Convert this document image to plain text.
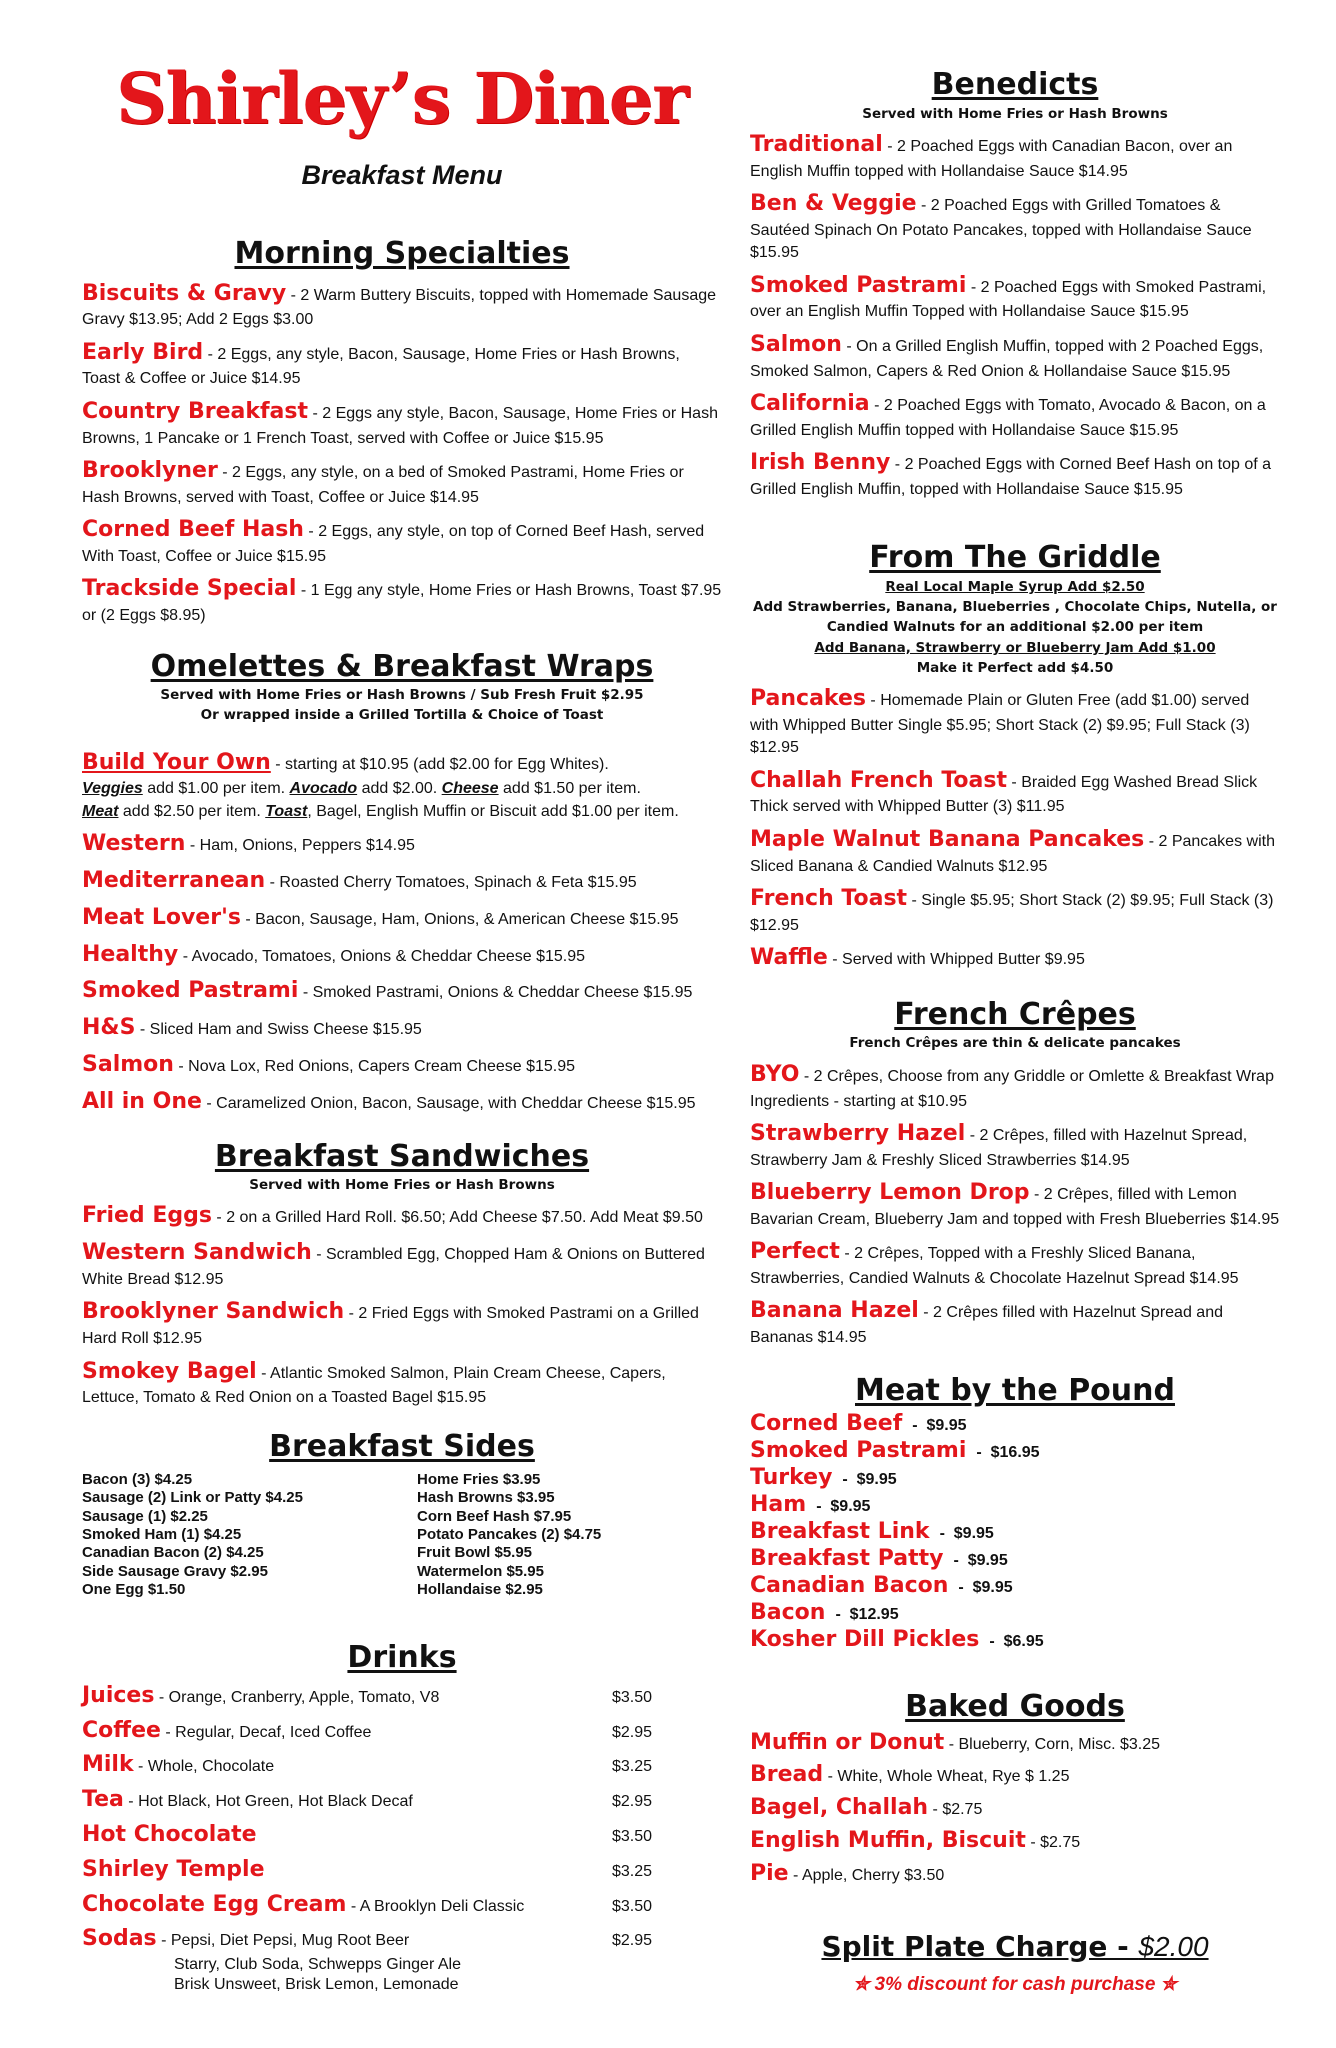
Shirley’s Diner
Breakfast Menu
Morning Specialties
Biscuits & Gravy - 2 Warm Buttery Biscuits, topped with Homemade Sausage Gravy $13.95; Add 2 Eggs $3.00
Early Bird - 2 Eggs, any style, Bacon, Sausage, Home Fries or Hash Browns, Toast & Coffee or Juice $14.95
Country Breakfast - 2 Eggs any style, Bacon, Sausage, Home Fries or Hash Browns, 1 Pancake or 1 French Toast, served with Coffee or Juice $15.95
Brooklyner - 2 Eggs, any style, on a bed of Smoked Pastrami, Home Fries or Hash Browns, served with Toast, Coffee or Juice $14.95
Corned Beef Hash - 2 Eggs, any style, on top of Corned Beef Hash, served With Toast, Coffee or Juice $15.95
Trackside Special - 1 Egg any style, Home Fries or Hash Browns, Toast $7.95 or (2 Eggs $8.95)
Omelettes & Breakfast Wraps
Served with Home Fries or Hash Browns / Sub Fresh Fruit $2.95
Or wrapped inside a Grilled Tortilla & Choice of Toast
Build Your Own - starting at $10.95 (add $2.00 for Egg Whites).
Veggies add $1.00 per item. Avocado add $2.00. Cheese add $1.50 per item.
Meat add $2.50 per item. Toast, Bagel, English Muffin or Biscuit add $1.00 per item.
Western - Ham, Onions, Peppers $14.95
Mediterranean - Roasted Cherry Tomatoes, Spinach & Feta $15.95
Meat Lover's - Bacon, Sausage, Ham, Onions, & American Cheese $15.95
Healthy - Avocado, Tomatoes, Onions & Cheddar Cheese $15.95
Smoked Pastrami - Smoked Pastrami, Onions & Cheddar Cheese $15.95
H&S - Sliced Ham and Swiss Cheese $15.95
Salmon - Nova Lox, Red Onions, Capers Cream Cheese $15.95
All in One - Caramelized Onion, Bacon, Sausage, with Cheddar Cheese $15.95
Breakfast Sandwiches
Served with Home Fries or Hash Browns
Fried Eggs - 2 on a Grilled Hard Roll. $6.50; Add Cheese $7.50. Add Meat $9.50
Western Sandwich - Scrambled Egg, Chopped Ham & Onions on Buttered White Bread $12.95
Brooklyner Sandwich - 2 Fried Eggs with Smoked Pastrami on a Grilled Hard Roll $12.95
Smokey Bagel - Atlantic Smoked Salmon, Plain Cream Cheese, Capers, Lettuce, Tomato & Red Onion on a Toasted Bagel $15.95
Breakfast Sides
Bacon (3) $4.25
Sausage (2) Link or Patty $4.25
Sausage (1) $2.25
Smoked Ham (1) $4.25
Canadian Bacon (2) $4.25
Side Sausage Gravy $2.95
One Egg $1.50
Home Fries $3.95
Hash Browns $3.95
Corn Beef Hash $7.95
Potato Pancakes (2) $4.75
Fruit Bowl $5.95
Watermelon $5.95
Hollandaise $2.95
Drinks
Juices - Orange, Cranberry, Apple, Tomato, V8	$3.50
Coffee - Regular, Decaf, Iced Coffee	$2.95
Milk - Whole, Chocolate	$3.25
Tea - Hot Black, Hot Green, Hot Black Decaf	$2.95
Hot Chocolate	$3.50
Shirley Temple	$3.25
Chocolate Egg Cream - A Brooklyn Deli Classic	$3.50
Sodas - Pepsi, Diet Pepsi, Mug Root Beer	$2.95
Starry, Club Soda, Schwepps Ginger Ale
Brisk Unsweet, Brisk Lemon, Lemonade
Benedicts
Served with Home Fries or Hash Browns
Traditional - 2 Poached Eggs with Canadian Bacon, over an English Muffin topped with Hollandaise Sauce $14.95
Ben & Veggie - 2 Poached Eggs with Grilled Tomatoes & Sautéed Spinach On Potato Pancakes, topped with Hollandaise Sauce $15.95
Smoked Pastrami - 2 Poached Eggs with Smoked Pastrami, over an English Muffin Topped with Hollandaise Sauce $15.95
Salmon - On a Grilled English Muffin, topped with 2 Poached Eggs, Smoked Salmon, Capers & Red Onion & Hollandaise Sauce $15.95
California - 2 Poached Eggs with Tomato, Avocado & Bacon, on a Grilled English Muffin topped with Hollandaise Sauce $15.95
Irish Benny - 2 Poached Eggs with Corned Beef Hash on top of a Grilled English Muffin, topped with Hollandaise Sauce $15.95
From The Griddle
Real Local Maple Syrup Add $2.50
Add Strawberries, Banana, Blueberries , Chocolate Chips, Nutella, or Candied Walnuts for an additional $2.00 per item
Add Banana, Strawberry or Blueberry Jam Add $1.00
Make it Perfect add $4.50
Pancakes - Homemade Plain or Gluten Free (add $1.00) served with Whipped Butter Single $5.95; Short Stack (2) $9.95; Full Stack (3) $12.95
Challah French Toast - Braided Egg Washed Bread Slick Thick served with Whipped Butter (3) $11.95
Maple Walnut Banana Pancakes - 2 Pancakes with Sliced Banana & Candied Walnuts $12.95
French Toast - Single $5.95; Short Stack (2) $9.95; Full Stack (3) $12.95
Waffle - Served with Whipped Butter $9.95
French Crêpes
French Crêpes are thin & delicate pancakes
BYO - 2 Crêpes, Choose from any Griddle or Omlette & Breakfast Wrap Ingredients - starting at $10.95
Strawberry Hazel - 2 Crêpes, filled with Hazelnut Spread, Strawberry Jam & Freshly Sliced Strawberries $14.95
Blueberry Lemon Drop - 2 Crêpes, filled with Lemon Bavarian Cream, Blueberry Jam and topped with Fresh Blueberries $14.95
Perfect - 2 Crêpes, Topped with a Freshly Sliced Banana, Strawberries, Candied Walnuts & Chocolate Hazelnut Spread $14.95
Banana Hazel - 2 Crêpes filled with Hazelnut Spread and Bananas $14.95
Meat by the Pound
Corned Beef - $9.95
Smoked Pastrami - $16.95
Turkey - $9.95
Ham - $9.95
Breakfast Link - $9.95
Breakfast Patty - $9.95
Canadian Bacon - $9.95
Bacon - $12.95
Kosher Dill Pickles - $6.95
Baked Goods
Muffin or Donut - Blueberry, Corn, Misc. $3.25
Bread - White, Whole Wheat, Rye $ 1.25
Bagel, Challah - $2.75
English Muffin, Biscuit - $2.75
Pie - Apple, Cherry $3.50
Split Plate Charge - $2.00
✮ 3% discount for cash purchase ✮
